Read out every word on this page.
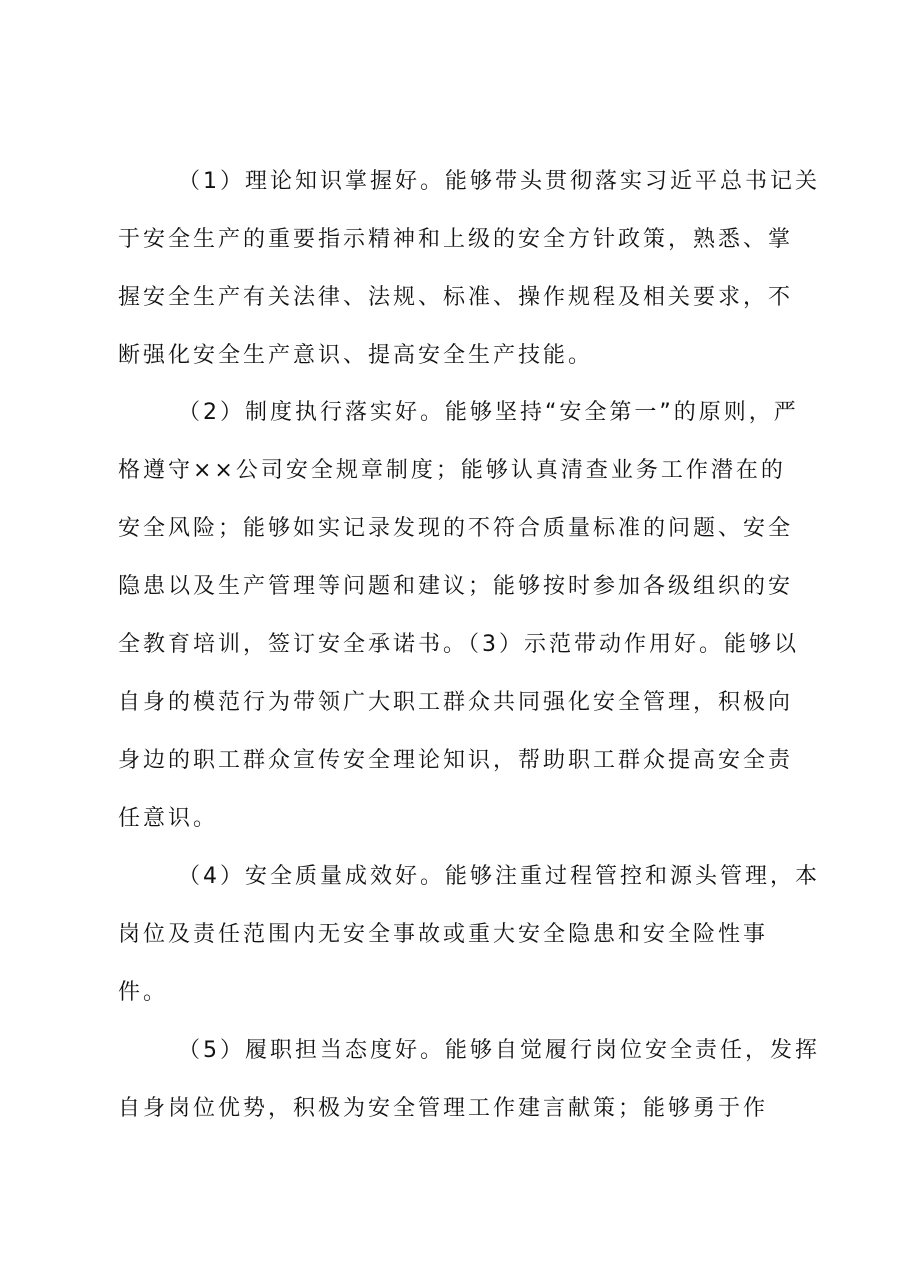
（1）理论知识掌握好。能够带头贯彻落实习近平总书记关
于安全生产的重要指示精神和上级的安全方针政策，熟悉、掌
握安全生产有关法律、法规、标准、操作规程及相关要求，不
断强化安全生产意识、提高安全生产技能。
（2）制度执行落实好。能够坚持“安全第一”的原则，严
格遵守××公司安全规章制度；能够认真清查业务工作潜在的
安全风险；能够如实记录发现的不符合质量标准的问题、安全
隐患以及生产管理等问题和建议；能够按时参加各级组织的安
全教育培训，签订安全承诺书。（3）示范带动作用好。能够以
自身的模范行为带领广大职工群众共同强化安全管理，积极向
身边的职工群众宣传安全理论知识，帮助职工群众提高安全责
任意识。
（4）安全质量成效好。能够注重过程管控和源头管理，本
岗位及责任范围内无安全事故或重大安全隐患和安全险性事
件。
（5）履职担当态度好。能够自觉履行岗位安全责任，发挥
自身岗位优势，积极为安全管理工作建言献策；能够勇于作
